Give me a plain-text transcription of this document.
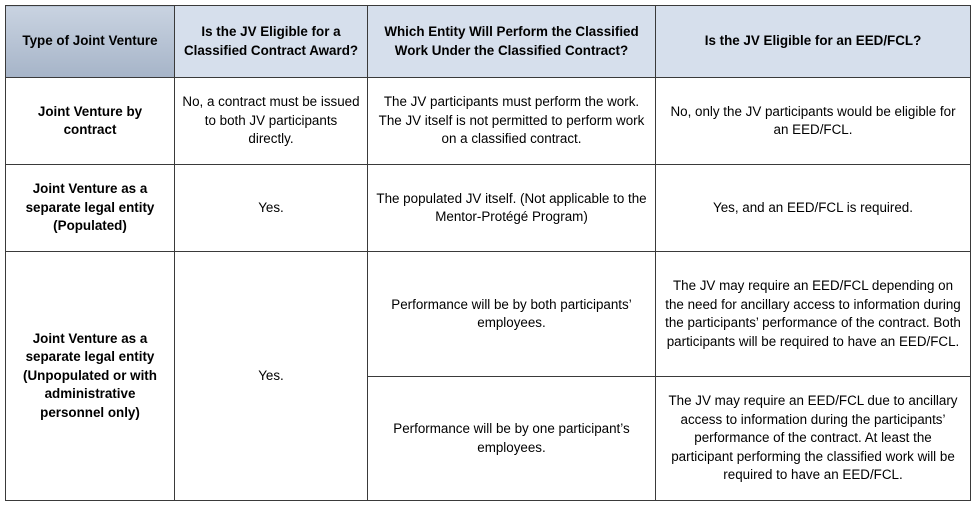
Type of Joint Venture	Is the JV Eligible for a Classified Contract Award?	Which Entity Will Perform the Classified Work Under the Classified Contract?	Is the JV Eligible for an EED/FCL?
Joint Venture by contract	No, a contract must be issued to both JV participants directly.	The JV participants must perform the work. The JV itself is not permitted to perform work on a classified contract.	No, only the JV participants would be eligible for an EED/FCL.
Joint Venture as a separate legal entity (Populated)	Yes.	The populated JV itself. (Not applicable to the Mentor-Protégé Program)	Yes, and an EED/FCL is required.
Joint Venture as a separate legal entity (Unpopulated or with administrative personnel only)	Yes.	Performance will be by both participants’ employees.	The JV may require an EED/FCL depending on the need for ancillary access to information during the participants’ performance of the contract. Both participants will be required to have an EED/FCL.
		Performance will be by one participant’s employees.	The JV may require an EED/FCL due to ancillary access to information during the participants’ performance of the contract. At least the participant performing the classified work will be required to have an EED/FCL.
